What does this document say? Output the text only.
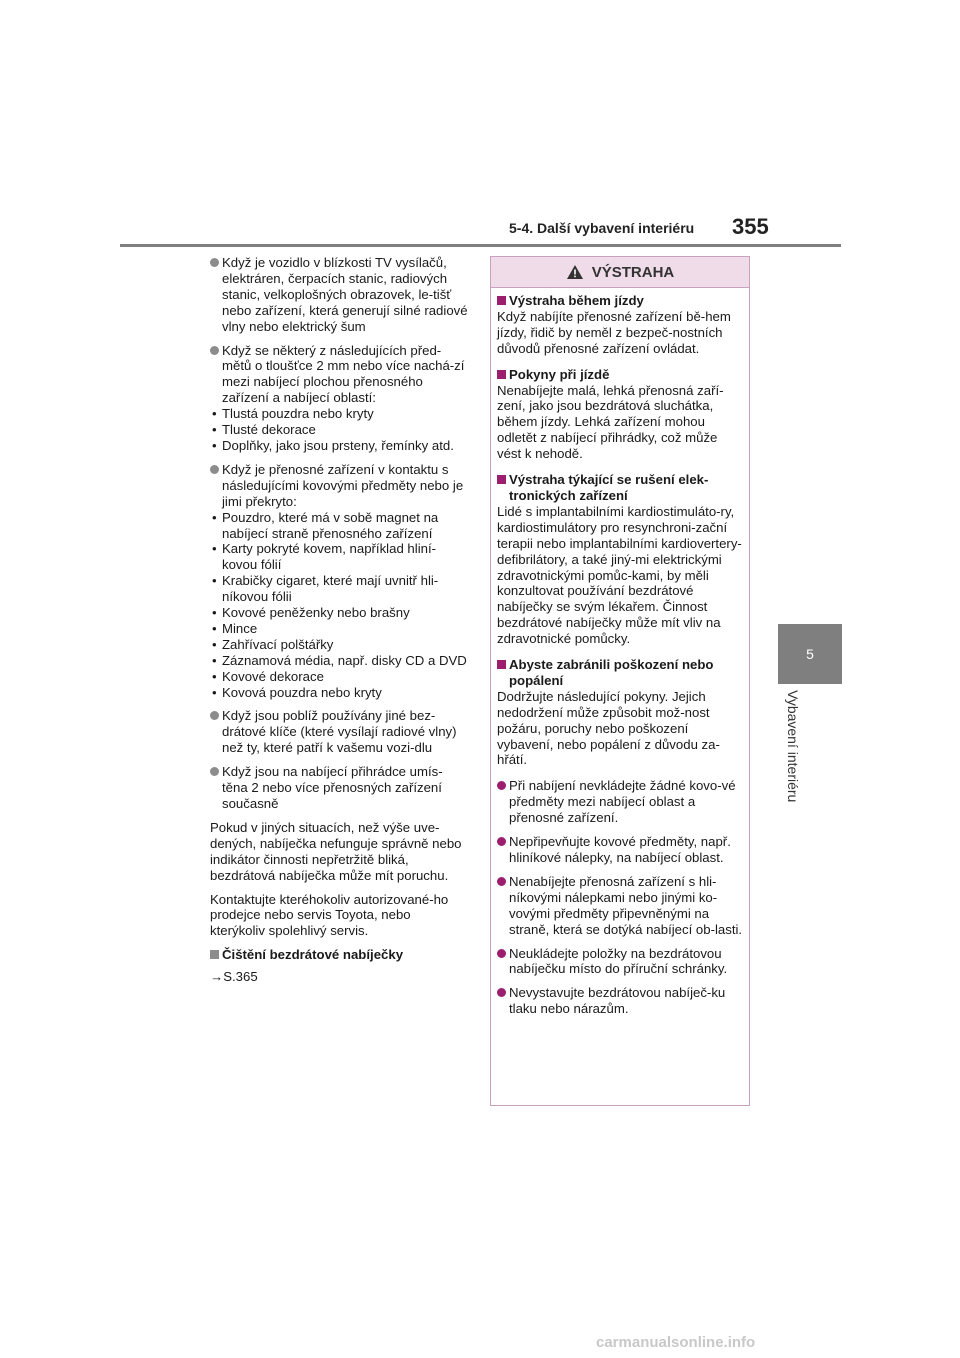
5-4. Další vybavení interiéru 355
5
Vybavení interiéru
Když je vozidlo v blízkosti TV vysílačů, elektráren, čerpacích stanic, radiových stanic, velkoplošných obrazovek, le-tišť nebo zařízení, která generují silné radiové vlny nebo elektrický šum
Když se některý z následujících před-mětů o tloušťce 2 mm nebo více nachá-zí mezi nabíjecí plochou přenosného zařízení a nabíjecí oblastí:
• Tlustá pouzdra nebo kryty
• Tlusté dekorace
• Doplňky, jako jsou prsteny, řemínky atd.
Když je přenosné zařízení v kontaktu s následujícími kovovými předměty nebo je jimi překryto:
• Pouzdro, které má v sobě magnet na nabíjecí straně přenosného zařízení
• Karty pokryté kovem, například hliní-kovou fólií
• Krabičky cigaret, které mají uvnitř hli-níkovou fólii
• Kovové peněženky nebo brašny
• Mince
• Zahřívací polštářky
• Záznamová média, např. disky CD a DVD
• Kovové dekorace
• Kovová pouzdra nebo kryty
Když jsou poblíž používány jiné bez-drátové klíče (které vysílají radiové vlny) než ty, které patří k vašemu vozi-dlu
Když jsou na nabíjecí přihrádce umís-těna 2 nebo více přenosných zařízení současně

Pokud v jiných situacích, než výše uve-dených, nabíječka nefunguje správně nebo indikátor činnosti nepřetržitě bliká, bezdrátová nabíječka může mít poruchu.

Kontaktujte kteréhokoliv autorizované-ho prodejce nebo servis Toyota, nebo kterýkoliv spolehlivý servis.

Čištění bezdrátové nabíječky

→S.365

VÝSTRAHA
Výstraha během jízdy

Když nabíjíte přenosné zařízení bě-hem jízdy, řidič by neměl z bezpeč-nostních důvodů přenosné zařízení ovládat.

Pokyny při jízdě

Nenabíjejte malá, lehká přenosná zaří-zení, jako jsou bezdrátová sluchátka, během jízdy. Lehká zařízení mohou odletět z nabíjecí přihrádky, což může vést k nehodě.

Výstraha týkající se rušení elek-tronických zařízení

Lidé s implantabilními kardiostimuláto-ry, kardiostimulátory pro resynchroni-zační terapii nebo implantabilními kardiovertery-defibrilátory, a také jiný-mi elektrickými zdravotnickými pomůc-kami, by měli konzultovat používání bezdrátové nabíječky se svým lékařem. Činnost bezdrátové nabíječky může mít vliv na zdravotnické pomůcky.

Abyste zabránili poškození nebo popálení

Dodržujte následující pokyny. Jejich nedodržení může způsobit mož-nost požáru, poruchy nebo poškození vybavení, nebo popálení z důvodu za-hřátí.

Při nabíjení nevkládejte žádné kovo-vé předměty mezi nabíjecí oblast a přenosné zařízení.
Nepřipevňujte kovové předměty, např. hliníkové nálepky, na nabíjecí oblast.
Nenabíjejte přenosná zařízení s hli-níkovými nálepkami nebo jinými ko-vovými předměty připevněnými na straně, která se dotýká nabíjecí ob-lasti.
Neukládejte položky na bezdrátovou nabíječku místo do příruční schránky.
Nevystavujte bezdrátovou nabíječ-ku tlaku nebo nárazům.
carmanualsonline.info
